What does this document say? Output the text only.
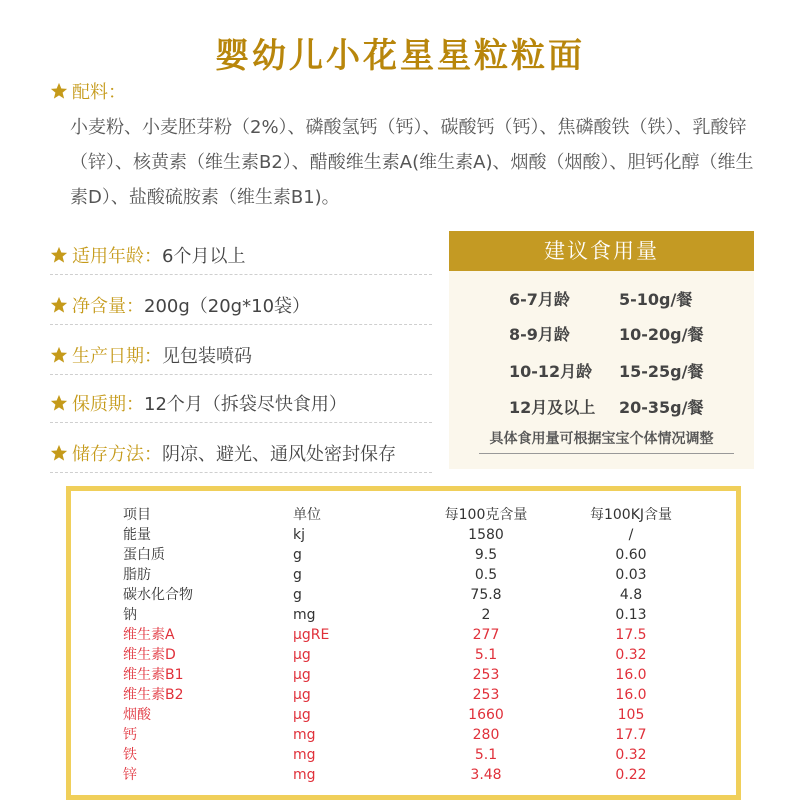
婴幼儿小花星星粒粒面
配料：
小麦粉、小麦胚芽粉（2%）、磷酸氢钙（钙）、碳酸钙（钙）、焦磷酸铁（铁）、乳酸锌（锌）、核黄素（维生素B2）、醋酸维生素A(维生素A)、烟酸（烟酸）、胆钙化醇（维生素D）、盐酸硫胺素（维生素B1)。
适用年龄：6个月以上
净含量：200g（20g*10袋）
生产日期：见包装喷码
保质期：12个月（拆袋尽快食用）
储存方法：阴凉、避光、通风处密封保存
建议食用量
6-7月龄	5-10g/餐
8-9月龄	10-20g/餐
10-12月龄 15-25g/餐
12月及以上 20-35g/餐
具体食用量可根据宝宝个体情况调整
项目	单位	每100克含量	每100KJ含量
能量	kj	1580	/
蛋白质	g	9.5	0.60
脂肪	g	0.5	0.03
碳水化合物	g	75.8	4.8
钠	mg	2	0.13
维生素A	μgRE	277	17.5
维生素D	μg	5.1	0.32
维生素B1	μg	253	16.0
维生素B2	μg	253	16.0
烟酸	μg	1660	105
钙	mg	280	17.7
铁	mg	5.1	0.32
锌	mg	3.48	0.22
